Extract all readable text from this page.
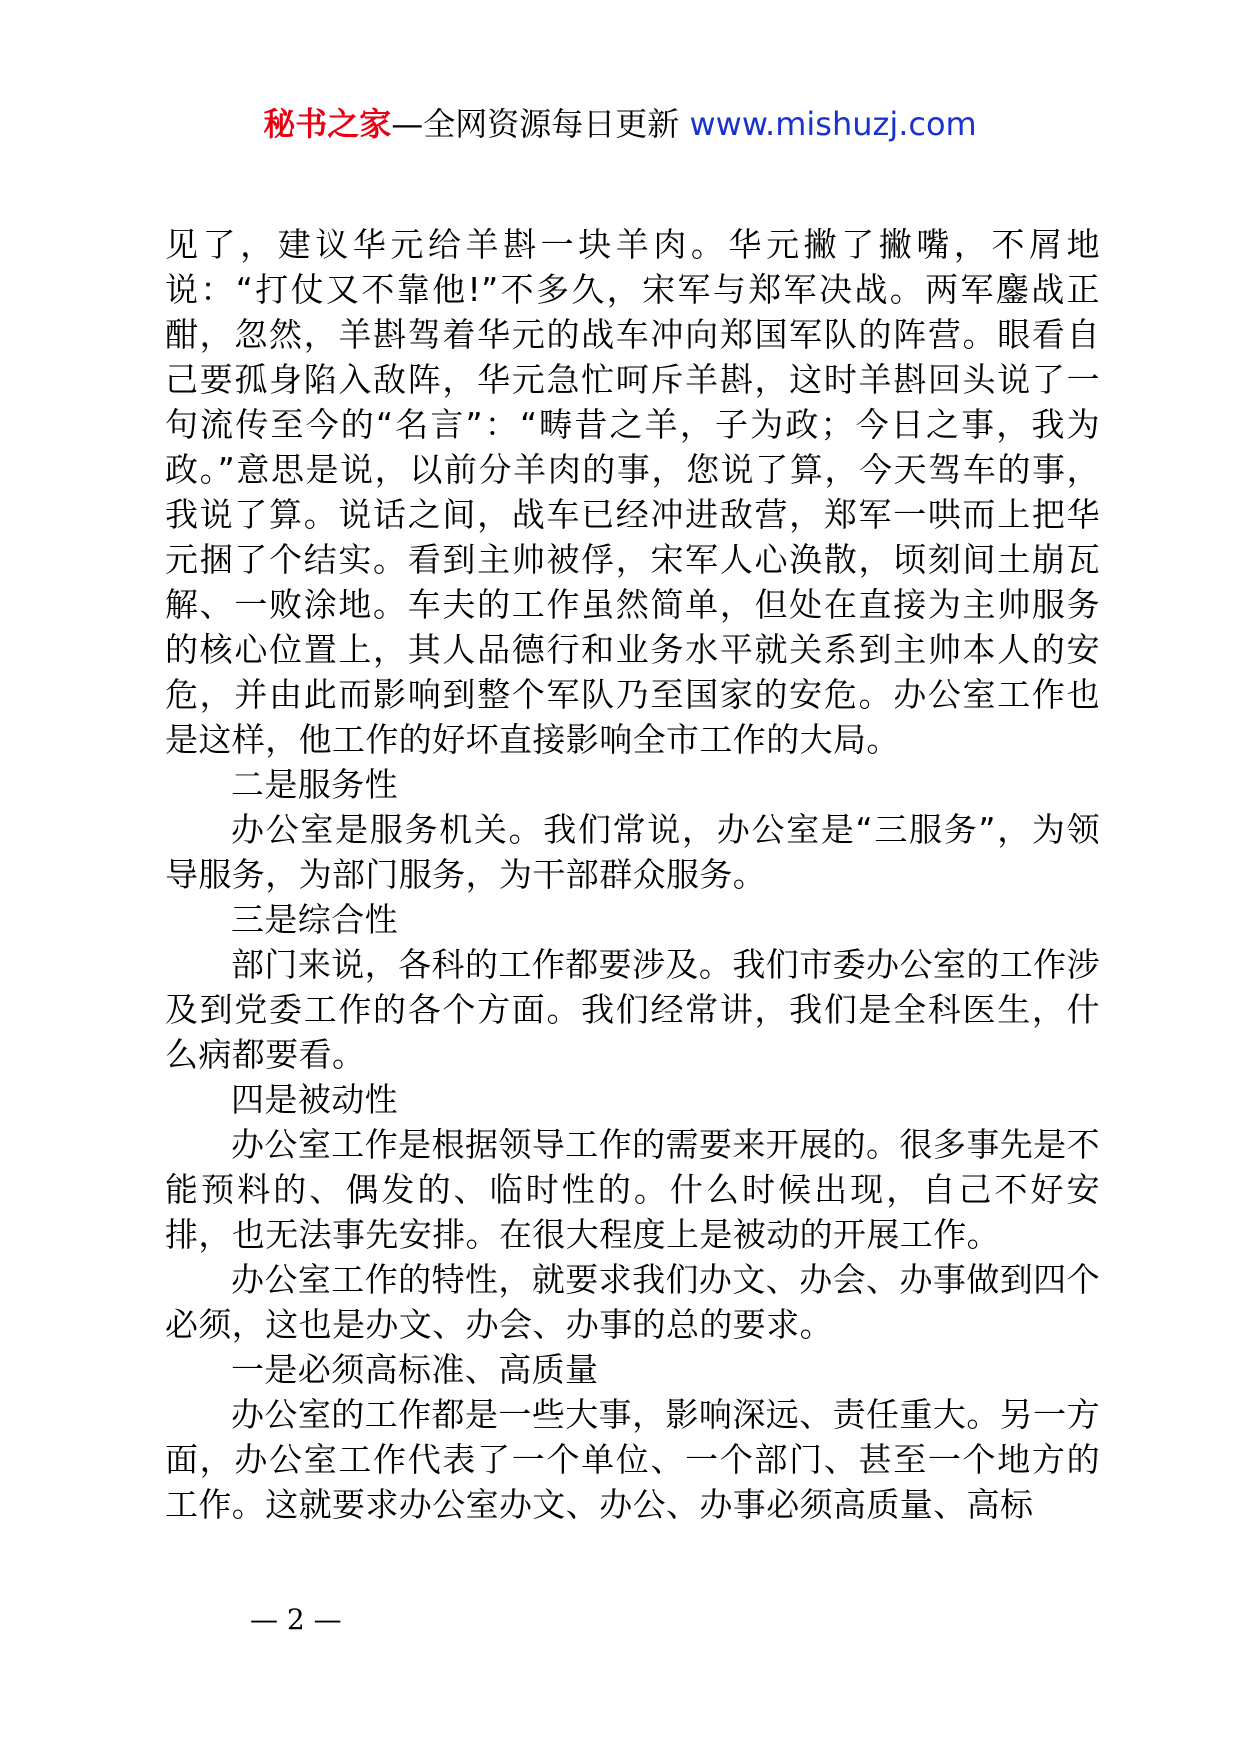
秘书之家—全网资源每日更新 www.mishuzj.com

见了，建议华元给羊斟一块羊肉。华元撇了撇嘴，不屑地说：“打仗又不靠他!”不多久，宋军与郑军决战。两军鏖战正酣，忽然，羊斟驾着华元的战车冲向郑国军队的阵营。眼看自己要孤身陷入敌阵，华元急忙呵斥羊斟，这时羊斟回头说了一句流传至今的“名言”：“畴昔之羊，子为政；今日之事，我为政。”意思是说，以前分羊肉的事，您说了算，今天驾车的事，我说了算。说话之间，战车已经冲进敌营，郑军一哄而上把华元捆了个结实。看到主帅被俘，宋军人心涣散，顷刻间土崩瓦解、一败涂地。车夫的工作虽然简单，但处在直接为主帅服务的核心位置上，其人品德行和业务水平就关系到主帅本人的安危，并由此而影响到整个军队乃至国家的安危。办公室工作也是这样，他工作的好坏直接影响全市工作的大局。

二是服务性

办公室是服务机关。我们常说，办公室是“三服务”，为领导服务，为部门服务，为干部群众服务。

三是综合性

部门来说，各科的工作都要涉及。我们市委办公室的工作涉及到党委工作的各个方面。我们经常讲，我们是全科医生，什么病都要看。

四是被动性

办公室工作是根据领导工作的需要来开展的。很多事先是不能预料的、偶发的、临时性的。什么时候出现，自己不好安排，也无法事先安排。在很大程度上是被动的开展工作。

办公室工作的特性，就要求我们办文、办会、办事做到四个必须，这也是办文、办会、办事的总的要求。

一是必须高标准、高质量

办公室的工作都是一些大事，影响深远、责任重大。另一方面，办公室工作代表了一个单位、一个部门、甚至一个地方的工作。这就要求办公室办文、办公、办事必须高质量、高标

— 2 —
